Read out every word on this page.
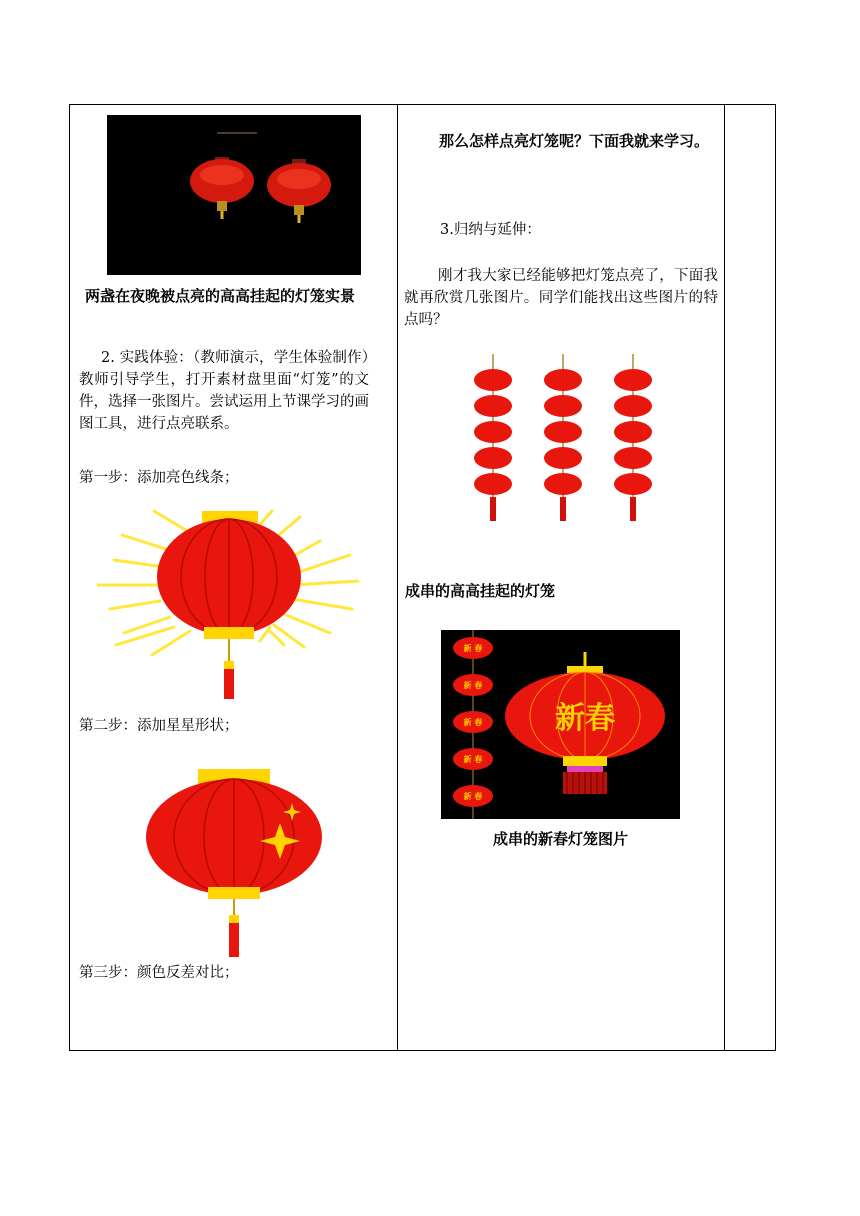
两盏在夜晚被点亮的高高挂起的灯笼实景
2. 实践体验：（教师演示，学生体验制作）教师引导学生，打开素材盘里面“灯笼”的文件，选择一张图片。尝试运用上节课学习的画图工具，进行点亮联系。
第一步：添加亮色线条；
第二步：添加星星形状；
第三步：颜色反差对比；
那么怎样点亮灯笼呢？下面我就来学习。
3.归纳与延伸：
刚才我大家已经能够把灯笼点亮了，下面我就再欣赏几张图片。同学们能找出这些图片的特点吗？
成串的高高挂起的灯笼
新 春
新 春
新 春
新 春
新 春
新春
成串的新春灯笼图片
